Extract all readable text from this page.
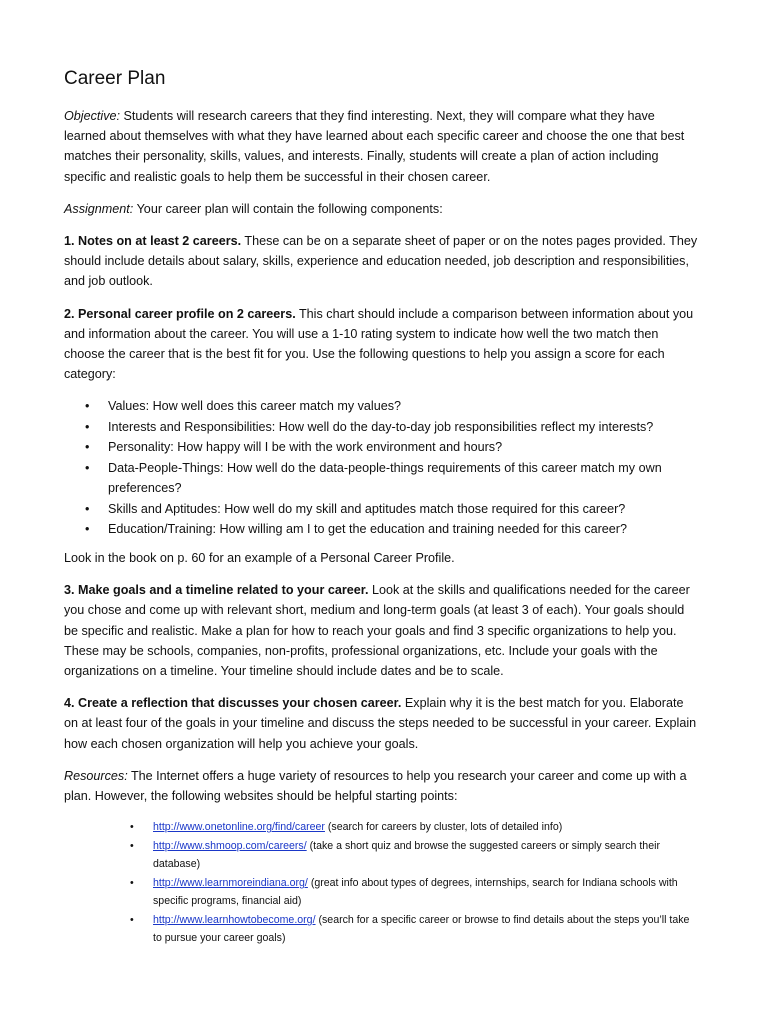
Career Plan

Objective: Students will research careers that they find interesting. Next, they will compare what they have learned about themselves with what they have learned about each specific career and choose the one that best matches their personality, skills, values, and interests. Finally, students will create a plan of action including specific and realistic goals to help them be successful in their chosen career.

Assignment: Your career plan will contain the following components:

1. Notes on at least 2 careers. These can be on a separate sheet of paper or on the notes pages provided. They should include details about salary, skills, experience and education needed, job description and responsibilities, and job outlook.

2. Personal career profile on 2 careers. This chart should include a comparison between information about you and information about the career. You will use a 1-10 rating system to indicate how well the two match then choose the career that is the best fit for you. Use the following questions to help you assign a score for each category:

• Values: How well does this career match my values?
• Interests and Responsibilities: How well do the day-to-day job responsibilities reflect my interests?
• Personality: How happy will I be with the work environment and hours?
• Data-People-Things: How well do the data-people-things requirements of this career match my own preferences?
• Skills and Aptitudes: How well do my skill and aptitudes match those required for this career?
• Education/Training: How willing am I to get the education and training needed for this career?

Look in the book on p. 60 for an example of a Personal Career Profile.

3. Make goals and a timeline related to your career. Look at the skills and qualifications needed for the career you chose and come up with relevant short, medium and long-term goals (at least 3 of each). Your goals should be specific and realistic. Make a plan for how to reach your goals and find 3 specific organizations to help you. These may be schools, companies, non-profits, professional organizations, etc. Include your goals with the organizations on a timeline. Your timeline should include dates and be to scale.

4. Create a reflection that discusses your chosen career. Explain why it is the best match for you. Elaborate on at least four of the goals in your timeline and discuss the steps needed to be successful in your career. Explain how each chosen organization will help you achieve your goals.

Resources: The Internet offers a huge variety of resources to help you research your career and come up with a plan. However, the following websites should be helpful starting points:

• http://www.onetonline.org/find/career (search for careers by cluster, lots of detailed info)
• http://www.shmoop.com/careers/ (take a short quiz and browse the suggested careers or simply search their database)
• http://www.learnmoreindiana.org/ (great info about types of degrees, internships, search for Indiana schools with specific programs, financial aid)
• http://www.learnhowtobecome.org/ (search for a specific career or browse to find details about the steps you’ll take to pursue your career goals)
